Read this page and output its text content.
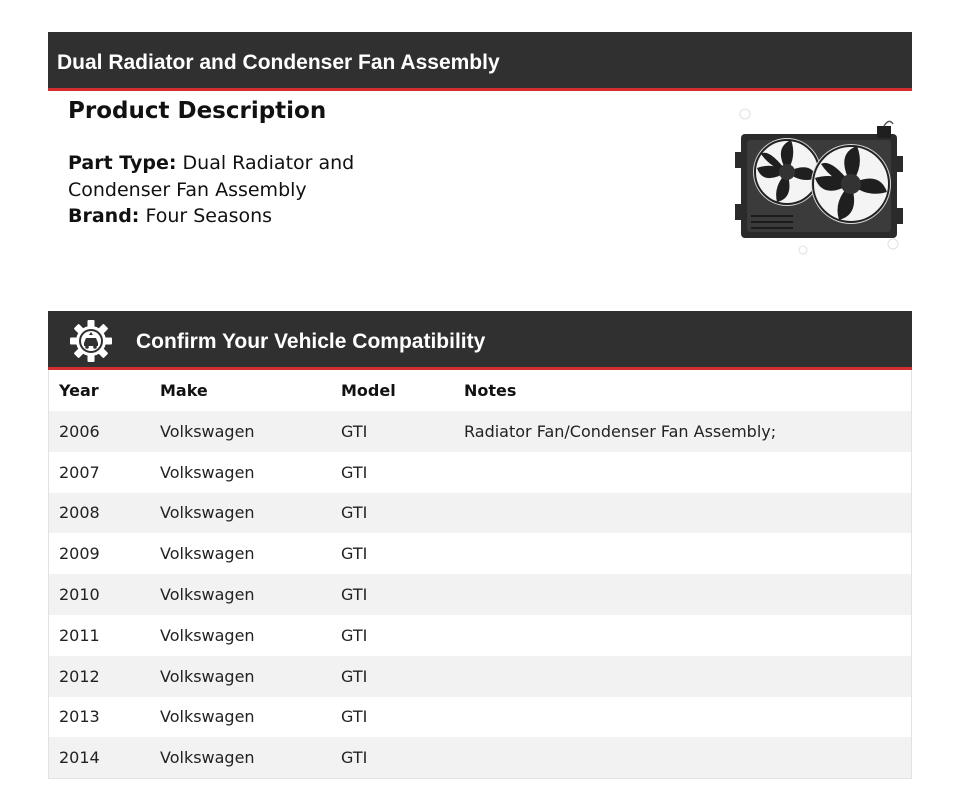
Dual Radiator and Condenser Fan Assembly
Product Description
Part Type: Dual Radiator and Condenser Fan Assembly
Brand: Four Seasons
Confirm Your Vehicle Compatibility
Year	Make	Model	Notes
2006	Volkswagen	GTI	Radiator Fan/Condenser Fan Assembly;
2007	Volkswagen	GTI	
2008	Volkswagen	GTI	
2009	Volkswagen	GTI	
2010	Volkswagen	GTI	
2011	Volkswagen	GTI	
2012	Volkswagen	GTI	
2013	Volkswagen	GTI	
2014	Volkswagen	GTI	
